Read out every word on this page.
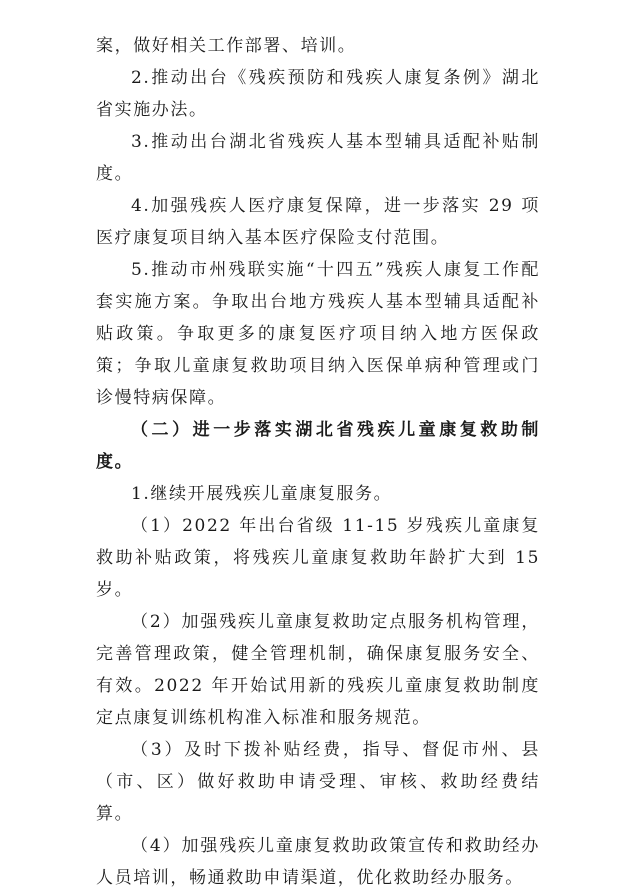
案，做好相关工作部署、培训。

2.推动出台《残疾预防和残疾人康复条例》湖北省实施办法。

3.推动出台湖北省残疾人基本型辅具适配补贴制度。

4.加强残疾人医疗康复保障，进一步落实 29 项医疗康复项目纳入基本医疗保险支付范围。

5.推动市州残联实施“十四五”残疾人康复工作配套实施方案。争取出台地方残疾人基本型辅具适配补贴政策。争取更多的康复医疗项目纳入地方医保政策；争取儿童康复救助项目纳入医保单病种管理或门诊慢特病保障。

（二）进一步落实湖北省残疾儿童康复救助制度。

1.继续开展残疾儿童康复服务。

（1）2022 年出台省级 11-15 岁残疾儿童康复救助补贴政策，将残疾儿童康复救助年龄扩大到 15 岁。

（2）加强残疾儿童康复救助定点服务机构管理，完善管理政策，健全管理机制，确保康复服务安全、有效。2022 年开始试用新的残疾儿童康复救助制度定点康复训练机构准入标准和服务规范。

（3）及时下拨补贴经费，指导、督促市州、县（市、区）做好救助申请受理、审核、救助经费结算。

（4）加强残疾儿童康复救助政策宣传和救助经办人员培训，畅通救助申请渠道，优化救助经办服务。
